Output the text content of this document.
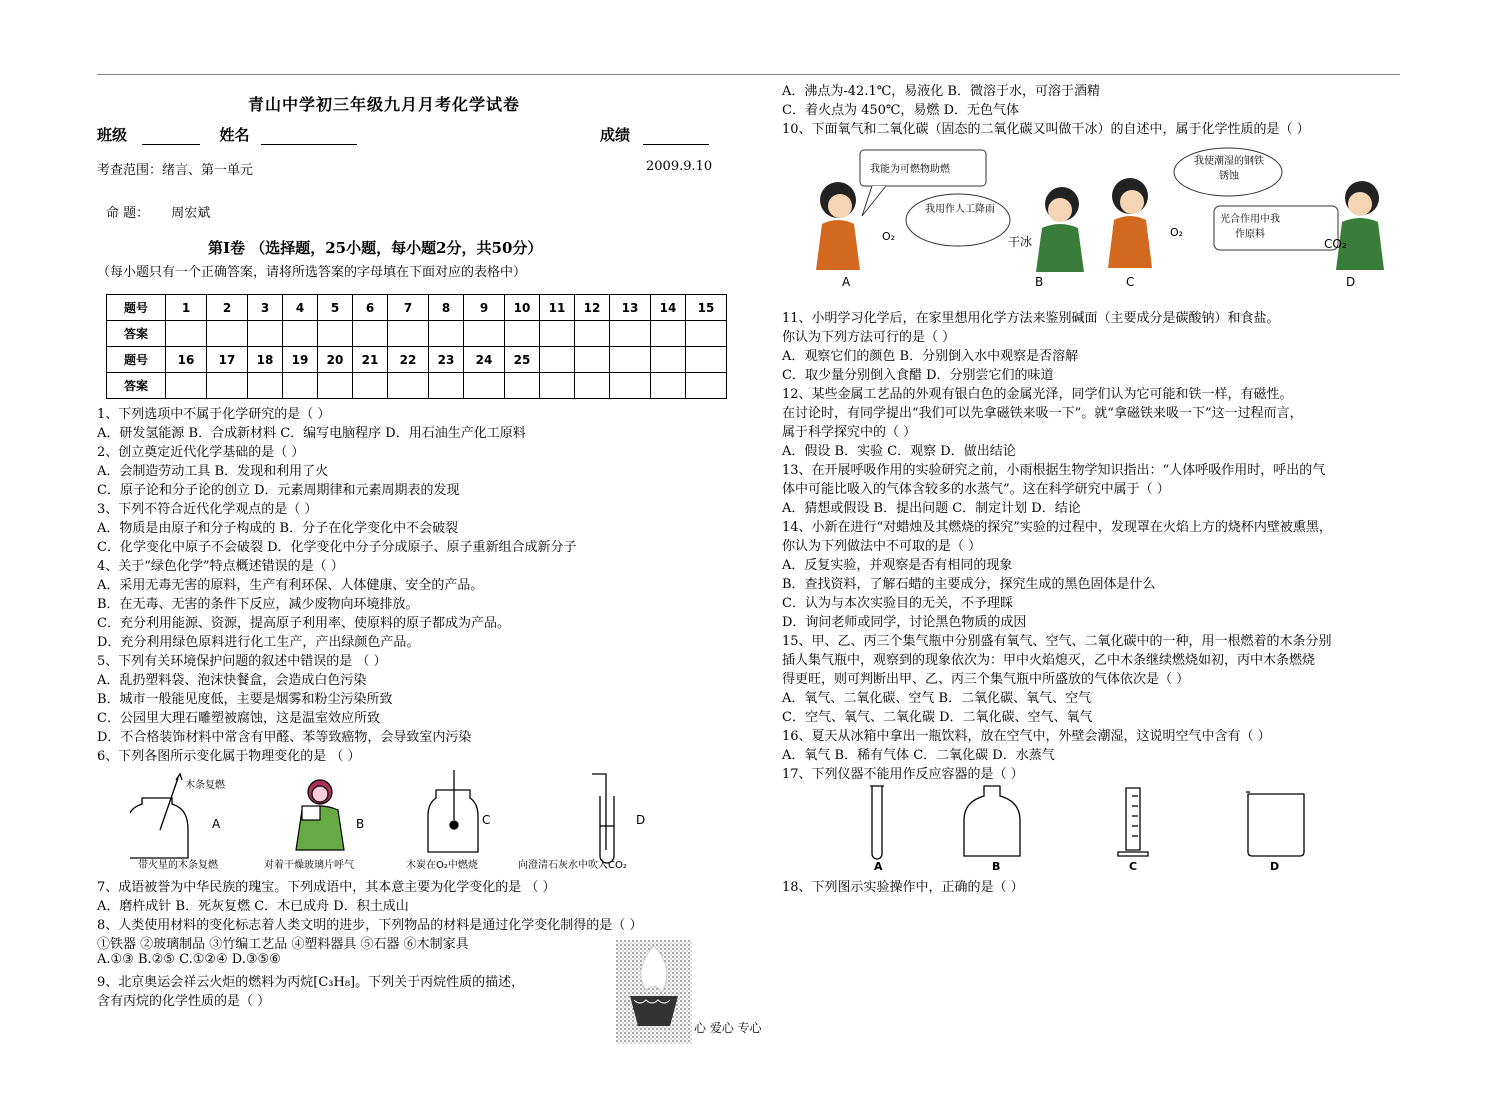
青山中学初三年级九月月考化学试卷
班级	姓名	成绩
考查范围：绪言、第一单元	2009.9.10
命 题： 周宏斌
第Ⅰ卷 （选择题，25小题，每小题2分，共50分）
（每小题只有一个正确答案，请将所选答案的字母填在下面对应的表格中）
题号	1	2	3	4	5	6	7	8	9	10	11	12	13	14	15
答案															
题号	16	17	18	19	20	21	22	23	24	25					
答案															
1、下列选项中不属于化学研究的是（ ）
A．研发氢能源 B．合成新材料 C．编写电脑程序 D．用石油生产化工原料
2、创立奠定近代化学基础的是（ ）
A．会制造劳动工具 B．发现和利用了火
C．原子论和分子论的创立 D．元素周期律和元素周期表的发现
3、下列不符合近代化学观点的是（ ）
A．物质是由原子和分子构成的 B．分子在化学变化中不会破裂
C．化学变化中原子不会破裂 D．化学变化中分子分成原子、原子重新组合成新分子
4、关于“绿色化学”特点概述错误的是（ ）
A．采用无毒无害的原料，生产有利环保、人体健康、安全的产品。
B．在无毒、无害的条件下反应，减少废物向环境排放。
C．充分利用能源、资源，提高原子利用率、使原料的原子都成为产品。
D．充分利用绿色原料进行化工生产，产出绿颜色产品。
5、下列有关环境保护问题的叙述中错误的是 （ ）
A．乱扔塑料袋、泡沫快餐盒，会造成白色污染
B．城市一般能见度低，主要是烟雾和粉尘污染所致
C．公园里大理石雕塑被腐蚀，这是温室效应所致
D．不合格装饰材料中常含有甲醛、苯等致癌物，会导致室内污染
6、下列各图所示变化属于物理变化的是 （ ）
木条复燃
A	B	C	D
带火星的木条复燃	对着干燥玻璃片呼气	木炭在O₂中燃烧	向澄清石灰水中吹入CO₂
7、成语被誉为中华民族的瑰宝。下列成语中，其本意主要为化学变化的是 （ ）
A．磨杵成针 B．死灰复燃 C．木已成舟 D．积土成山
8、人类使用材料的变化标志着人类文明的进步，下列物品的材料是通过化学变化制得的是（ ）
①铁器 ②玻璃制品 ③竹编工艺品 ④塑料器具 ⑤石器 ⑥木制家具
A.①③ B.②⑤ C.①②④ D.③⑤⑥
9、北京奥运会祥云火炬的燃料为丙烷[C₃H₈]。下列关于丙烷性质的描述，
含有丙烷的化学性质的是（ ）
心 爱心 专心
A．沸点为-42.1℃，易液化 B．微溶于水，可溶于酒精
C．着火点为 450℃，易燃 D．无色气体
10、下面氧气和二氧化碳（固态的二氧化碳又叫做干冰）的自述中，属于化学性质的是（ ）
我能为可燃物助燃
我用作人工降雨
我使潮湿的钢铁锈蚀
光合作用中我作原料
O₂	干冰
O₂
CO₂
A	B	C	D
11、小明学习化学后，在家里想用化学方法来鉴别碱面（主要成分是碳酸钠）和食盐。
你认为下列方法可行的是（ ）
A．观察它们的颜色 B．分别倒入水中观察是否溶解
C．取少量分别倒入食醋 D．分别尝它们的味道
12、某些金属工艺品的外观有银白色的金属光泽，同学们认为它可能和铁一样，有磁性。
在讨论时，有同学提出“我们可以先拿磁铁来吸一下”。就“拿磁铁来吸一下”这一过程而言，
属于科学探究中的（ ）
A．假设 B．实验 C．观察 D．做出结论
13、在开展呼吸作用的实验研究之前，小雨根据生物学知识指出：“人体呼吸作用时，呼出的气
体中可能比吸入的气体含较多的水蒸气”。这在科学研究中属于（ ）
A．猜想或假设 B．提出问题 C．制定计划 D．结论
14、小新在进行“对蜡烛及其燃烧的探究”实验的过程中，发现罩在火焰上方的烧杯内壁被熏黑，
你认为下列做法中不可取的是（ ）
A．反复实验，并观察是否有相同的现象
B．查找资料，了解石蜡的主要成分，探究生成的黑色固体是什么
C．认为与本次实验目的无关，不予理睬
D．询问老师或同学，讨论黑色物质的成因
15、甲、乙、丙三个集气瓶中分别盛有氧气、空气、二氧化碳中的一种，用一根燃着的木条分别
插人集气瓶中，观察到的现象依次为：甲中火焰熄灭，乙中木条继续燃烧如初，丙中木条燃烧
得更旺，则可判断出甲、乙、丙三个集气瓶中所盛放的气体依次是（ ）
A．氧气、二氧化碳、空气 B．二氧化碳、氧气、空气
C．空气、氧气、二氧化碳 D．二氧化碳、空气、氧气
16、夏天从冰箱中拿出一瓶饮料，放在空气中，外壁会潮湿，这说明空气中含有（ ）
A．氧气 B．稀有气体 C．二氧化碳 D．水蒸气
17、下列仪器不能用作反应容器的是（ ）
A	B	C	D
18、下列图示实验操作中，正确的是（ ）
